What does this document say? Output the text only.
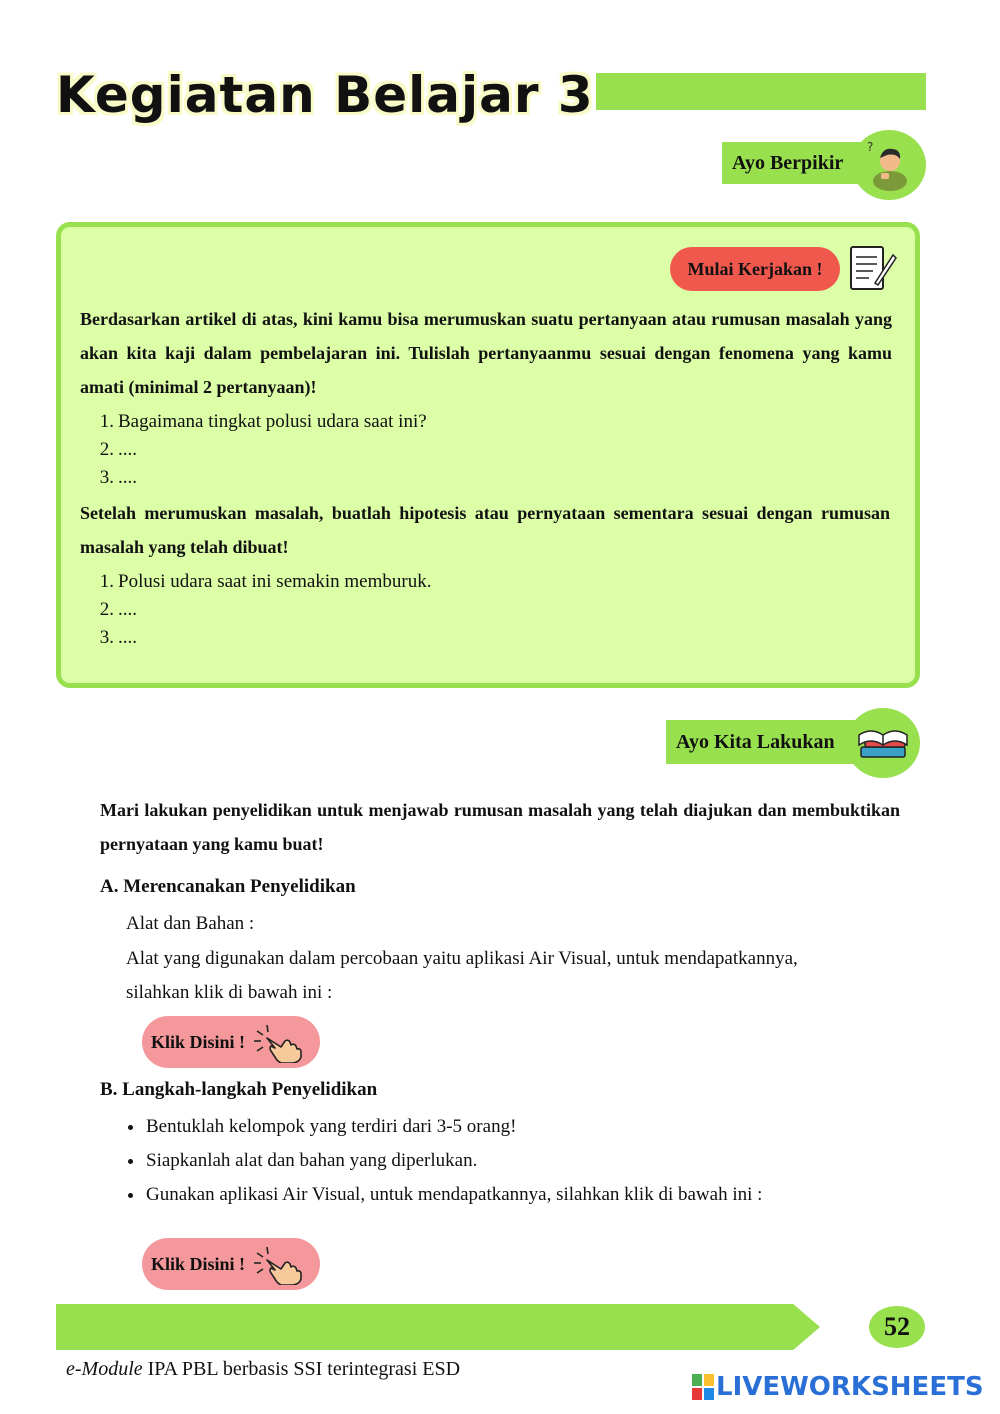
Kegiatan Belajar 3
Ayo Berpikir
?
Mulai Kerjakan !

Berdasarkan artikel di atas, kini kamu bisa merumuskan suatu pertanyaan atau rumusan masalah yang akan kita kaji dalam pembelajaran ini. Tulislah pertanyaanmu sesuai dengan fenomena yang kamu amati (minimal 2 pertanyaan)!

1. Bagaimana tingkat polusi udara saat ini?
2. ....
3. ....

Setelah merumuskan masalah, buatlah hipotesis atau pernyataan sementara sesuai dengan rumusan masalah yang telah dibuat!

1. Polusi udara saat ini semakin memburuk.
2. ....
3. ....
Ayo Kita Lakukan

Mari lakukan penyelidikan untuk menjawab rumusan masalah yang telah diajukan dan membuktikan pernyataan yang kamu buat!

A. Merencanakan Penyelidikan

Alat dan Bahan :

Alat yang digunakan dalam percobaan yaitu aplikasi Air Visual, untuk mendapatkannya,

silahkan klik di bawah ini :

Klik Disini !

B. Langkah-langkah Penyelidikan

Bentuklah kelompok yang terdiri dari 3-5 orang!
Siapkanlah alat dan bahan yang diperlukan.
Gunakan aplikasi Air Visual, untuk mendapatkannya, silahkan klik di bawah ini :
Klik Disini !
52

e-Module IPA PBL berbasis SSI terintegrasi ESD

LIVEWORKSHEETS
